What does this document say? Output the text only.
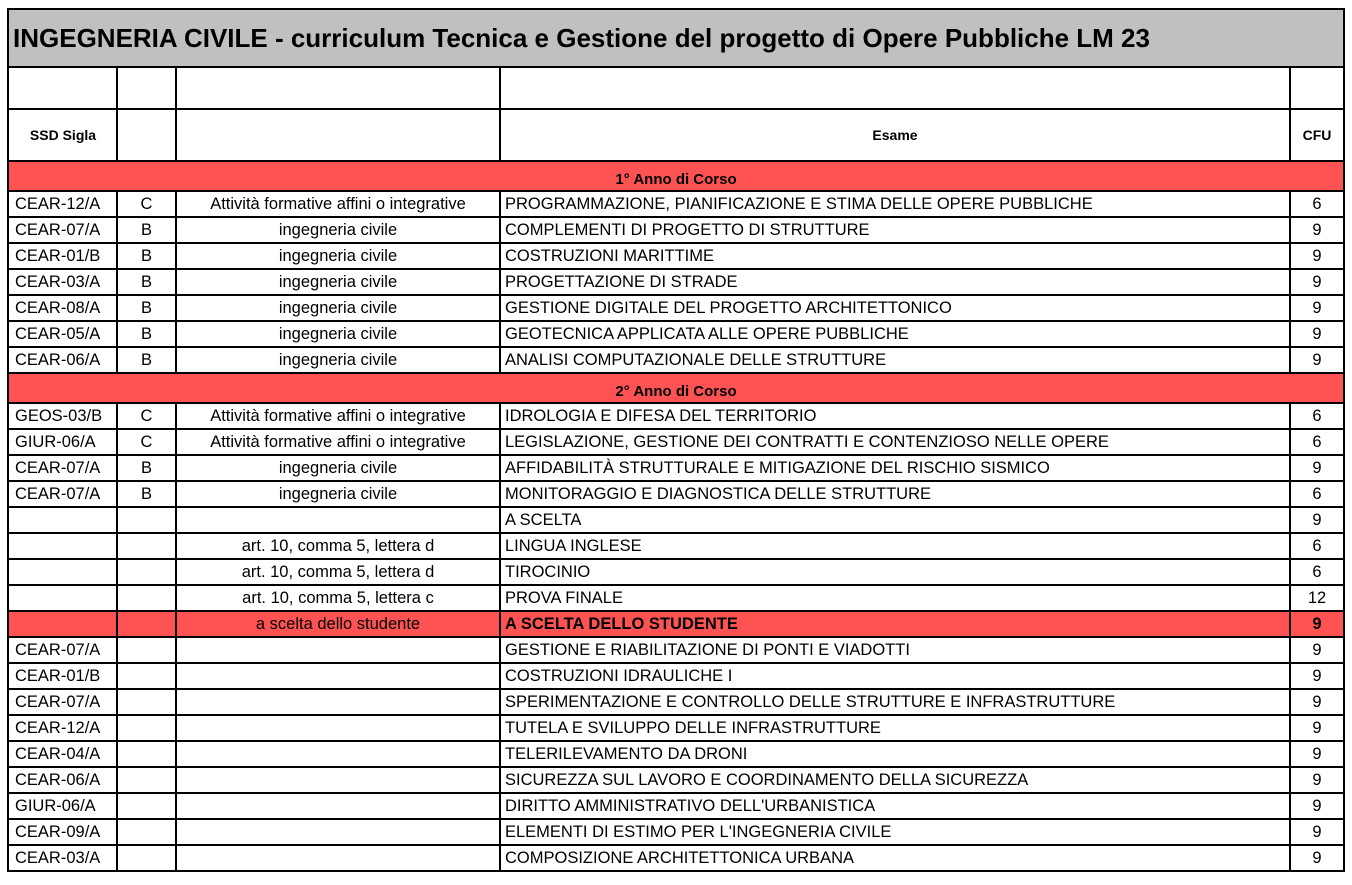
INGEGNERIA CIVILE - curriculum Tecnica e Gestione del progetto di Opere Pubbliche LM 23				

SSD Sigla			Esame	CFU
1° Anno di Corso				
CEAR-12/A	C	Attività formative affini o integrative	PROGRAMMAZIONE, PIANIFICAZIONE E STIMA DELLE OPERE PUBBLICHE	6
CEAR-07/A	B	ingegneria civile	COMPLEMENTI DI PROGETTO DI STRUTTURE	9
CEAR-01/B	B	ingegneria civile	COSTRUZIONI MARITTIME	9
CEAR-03/A	B	ingegneria civile	PROGETTAZIONE DI STRADE	9
CEAR-08/A	B	ingegneria civile	GESTIONE DIGITALE DEL PROGETTO ARCHITETTONICO	9
CEAR-05/A	B	ingegneria civile	GEOTECNICA APPLICATA ALLE OPERE PUBBLICHE	9
CEAR-06/A	B	ingegneria civile	ANALISI COMPUTAZIONALE DELLE STRUTTURE	9
2° Anno di Corso				
GEOS-03/B	C	Attività formative affini o integrative	IDROLOGIA E DIFESA DEL TERRITORIO	6
GIUR-06/A	C	Attività formative affini o integrative	LEGISLAZIONE, GESTIONE DEI CONTRATTI E CONTENZIOSO NELLE OPERE	6
CEAR-07/A	B	ingegneria civile	AFFIDABILITÀ STRUTTURALE E MITIGAZIONE DEL RISCHIO SISMICO	9
CEAR-07/A	B	ingegneria civile	MONITORAGGIO E DIAGNOSTICA DELLE STRUTTURE	6
			A SCELTA	9
		art. 10, comma 5, lettera d	LINGUA INGLESE	6
		art. 10, comma 5, lettera d	TIROCINIO	6
		art. 10, comma 5, lettera c	PROVA FINALE	12
		a scelta dello studente	A SCELTA DELLO STUDENTE	9
CEAR-07/A			GESTIONE E RIABILITAZIONE DI PONTI E VIADOTTI	9
CEAR-01/B			COSTRUZIONI IDRAULICHE I	9
CEAR-07/A			SPERIMENTAZIONE E CONTROLLO DELLE STRUTTURE E INFRASTRUTTURE	9
CEAR-12/A			TUTELA E SVILUPPO DELLE INFRASTRUTTURE	9
CEAR-04/A			TELERILEVAMENTO DA DRONI	9
CEAR-06/A			SICUREZZA SUL LAVORO E COORDINAMENTO DELLA SICUREZZA	9
GIUR-06/A			DIRITTO AMMINISTRATIVO DELL'URBANISTICA	9
CEAR-09/A			ELEMENTI DI ESTIMO PER L'INGEGNERIA CIVILE	9
CEAR-03/A			COMPOSIZIONE ARCHITETTONICA URBANA	9
